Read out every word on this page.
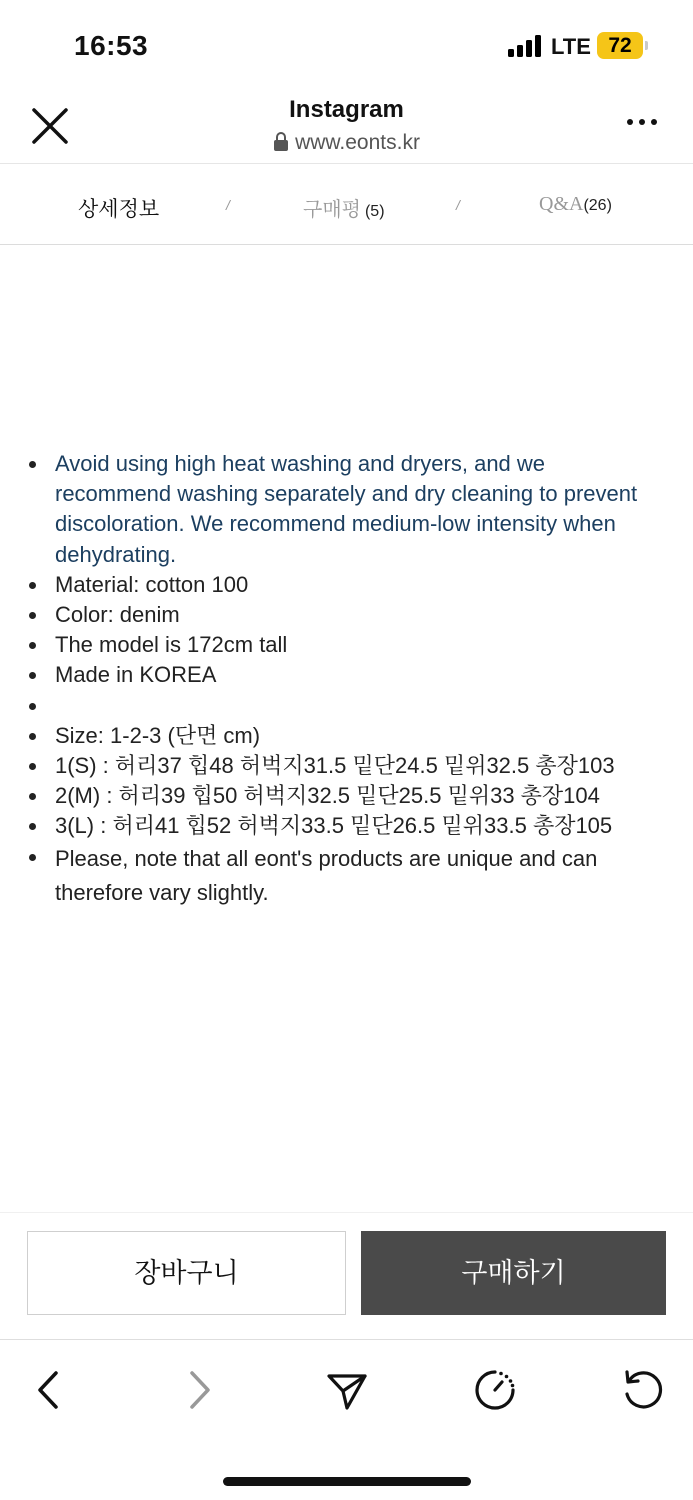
16:53	LTE 72
Instagram
www.eonts.kr
상세정보	/	구매평 (5)	/	Q&A(26)
Avoid using high heat washing and dryers, and we recommend washing separately and dry cleaning to prevent discoloration. We recommend medium-low intensity when dehydrating.
Material: cotton 100
Color: denim
The model is 172cm tall
Made in KOREA
Size: 1-2-3 (단면 cm)
1(S) : 허리37 힙48 허벅지31.5 밑단24.5 밑위32.5 총장103
2(M) : 허리39 힙50 허벅지32.5 밑단25.5 밑위33 총장104
3(L) : 허리41 힙52 허벅지33.5 밑단26.5 밑위33.5 총장105
Please, note that all eont's products are unique and can therefore vary slightly.
장바구니	구매하기
